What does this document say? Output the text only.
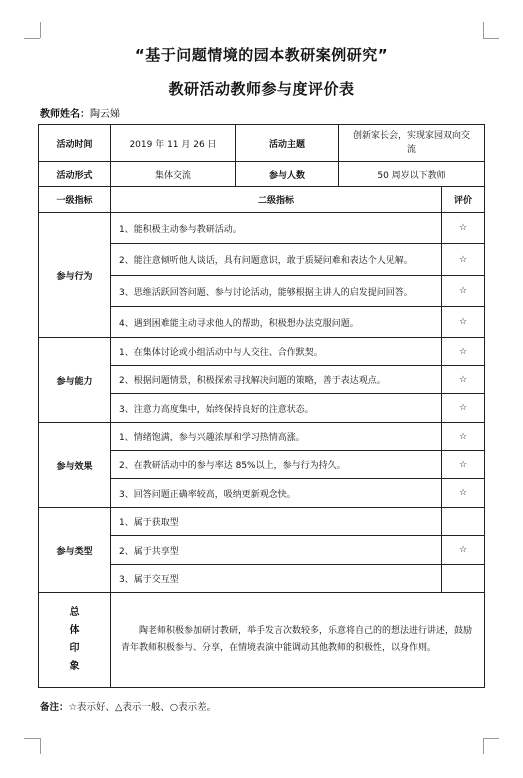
“基于问题情境的园本教研案例研究”
教研活动教师参与度评价表
教师姓名：陶云娣
活动时间	2019 年 11 月 26 日	活动主题	创新家长会，实现家园双向交流	
活动形式	集体交流	参与人数	50 周岁以下教师	
一级指标	二级指标			评价
参与行为	1、能积极主动参与教研活动。			☆
	2、能注意倾听他人谈话，具有问题意识，敢于质疑问难和表达个人见解。			☆
	3、思维活跃回答问题、参与讨论活动，能够根据主讲人的启发提问回答。			☆
	4、遇到困难能主动寻求他人的帮助，积极想办法克服问题。			☆
参与能力	1、在集体讨论或小组活动中与人交往、合作默契。			☆
	2、根据问题情景，积极探索寻找解决问题的策略，善于表达观点。			☆
	3、注意力高度集中，始终保持良好的注意状态。			☆
参与效果	1、情绪饱满，参与兴趣浓厚和学习热情高涨。			☆
	2、在教研活动中的参与率达 85%以上，参与行为持久。			☆
	3、回答问题正确率较高，吸纳更新观念快。			☆
参与类型	1、属于获取型			
	2、属于共享型			☆
	3、属于交互型			

总
体
印
象	陶老师积极参加研讨教研，举手发言次数较多，乐意将自己的的想法进行讲述，鼓励青年教师积极参与、分享，在情境表演中能调动其他教师的积极性，以身作则。			
备注：☆表示好、△表示一般、○表示差。
